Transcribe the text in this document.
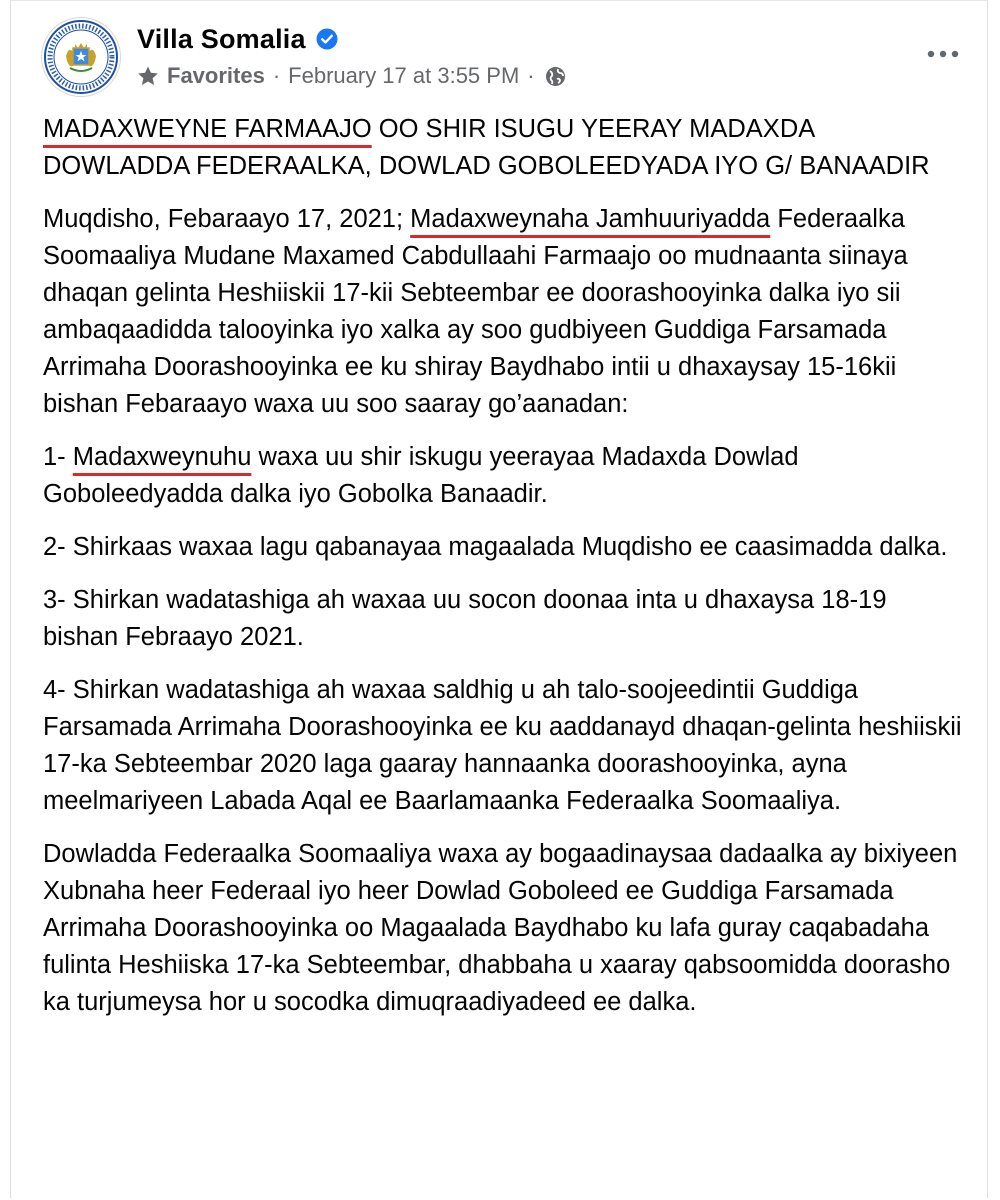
Villa Somalia
Favorites · February 17 at 3:55 PM ·

MADAXWEYNE FARMAAJO OO SHIR ISUGU YEERAY MADAXDA DOWLADDA FEDERAALKA, DOWLAD GOBOLEEDYADA IYO G/ BANAADIR

Muqdisho, Febaraayo 17, 2021; Madaxweynaha Jamhuuriyadda Federaalka Soomaaliya Mudane Maxamed Cabdullaahi Farmaajo oo mudnaanta siinaya dhaqan gelinta Heshiiskii 17-kii Sebteembar ee doorashooyinka dalka iyo sii ambaqaadidda talooyinka iyo xalka ay soo gudbiyeen Guddiga Farsamada Arrimaha Doorashooyinka ee ku shiray Baydhabo intii u dhaxaysay 15-16kii bishan Febaraayo waxa uu soo saaray go’aanadan:

1- Madaxweynuhu waxa uu shir iskugu yeerayaa Madaxda Dowlad Goboleedyadda dalka iyo Gobolka Banaadir.

2- Shirkaas waxaa lagu qabanayaa magaalada Muqdisho ee caasimadda dalka.

3- Shirkan wadatashiga ah waxaa uu socon doonaa inta u dhaxaysa 18-19 bishan Febraayo 2021.

4- Shirkan wadatashiga ah waxaa saldhig u ah talo-soojeedintii Guddiga Farsamada Arrimaha Doorashooyinka ee ku aaddanayd dhaqan-gelinta heshiiskii 17-ka Sebteembar 2020 laga gaaray hannaanka doorashooyinka, ayna meelmariyeen Labada Aqal ee Baarlamaanka Federaalka Soomaaliya.

Dowladda Federaalka Soomaaliya waxa ay bogaadinaysaa dadaalka ay bixiyeen Xubnaha heer Federaal iyo heer Dowlad Goboleed ee Guddiga Farsamada Arrimaha Doorashooyinka oo Magaalada Baydhabo ku lafa guray caqabadaha fulinta Heshiiska 17-ka Sebteembar, dhabbaha u xaaray qabsoomidda doorasho ka turjumeysa hor u socodka dimuqraadiyadeed ee dalka.
